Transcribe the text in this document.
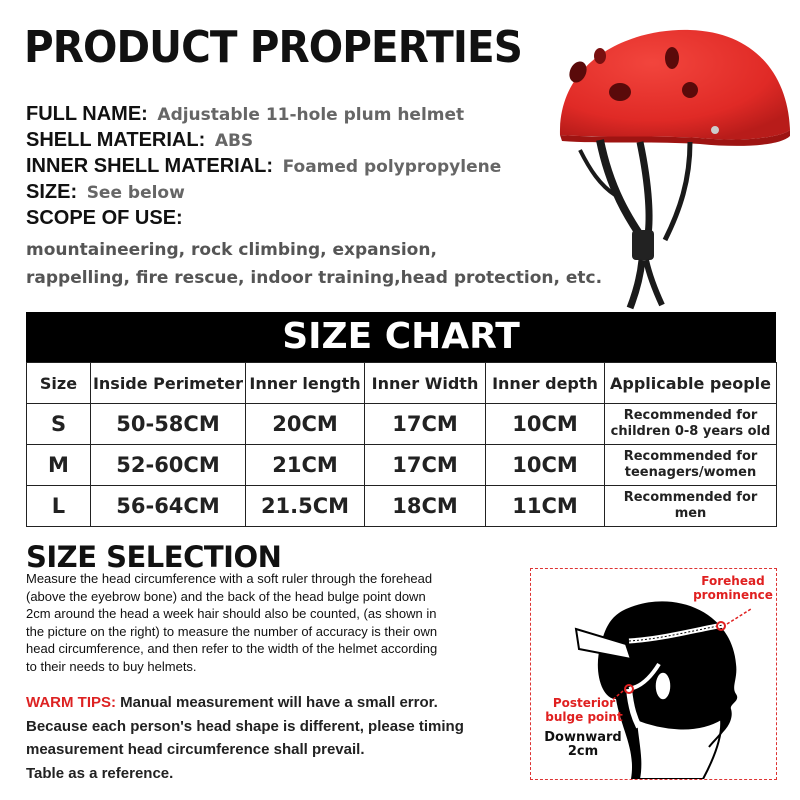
PRODUCT PROPERTIES
FULL NAME: Adjustable 11-hole plum helmet
SHELL MATERIAL: ABS
INNER SHELL MATERIAL: Foamed polypropylene
SIZE: See below
SCOPE OF USE:
mountaineering, rock climbing, expansion,
rappelling, fire rescue, indoor training,head protection, etc.
SIZE CHART
Size	Inside Perimeter	Inner length	Inner Width	Inner depth	Applicable people
S	50-58CM	20CM	17CM	10CM	Recommended for
children 0-8 years old

M	52-60CM	21CM	17CM	10CM	Recommended for
teenagers/women

L	56-64CM	21.5CM	18CM	11CM	Recommended for
men
SIZE SELECTION
Measure the head circumference with a soft ruler through the forehead
(above the eyebrow bone) and the back of the head bulge point down
2cm around the head a week hair should also be counted, (as shown in
the picture on the right) to measure the number of accuracy is their own
head circumference, and then refer to the width of the helmet according
to their needs to buy helmets.
WARM TIPS: Manual measurement will have a small error.
Because each person's head shape is different, please timing
measurement head circumference shall prevail.
Table as a reference.
Forehead
prominence
Posterior
bulge point
Downward
2cm
